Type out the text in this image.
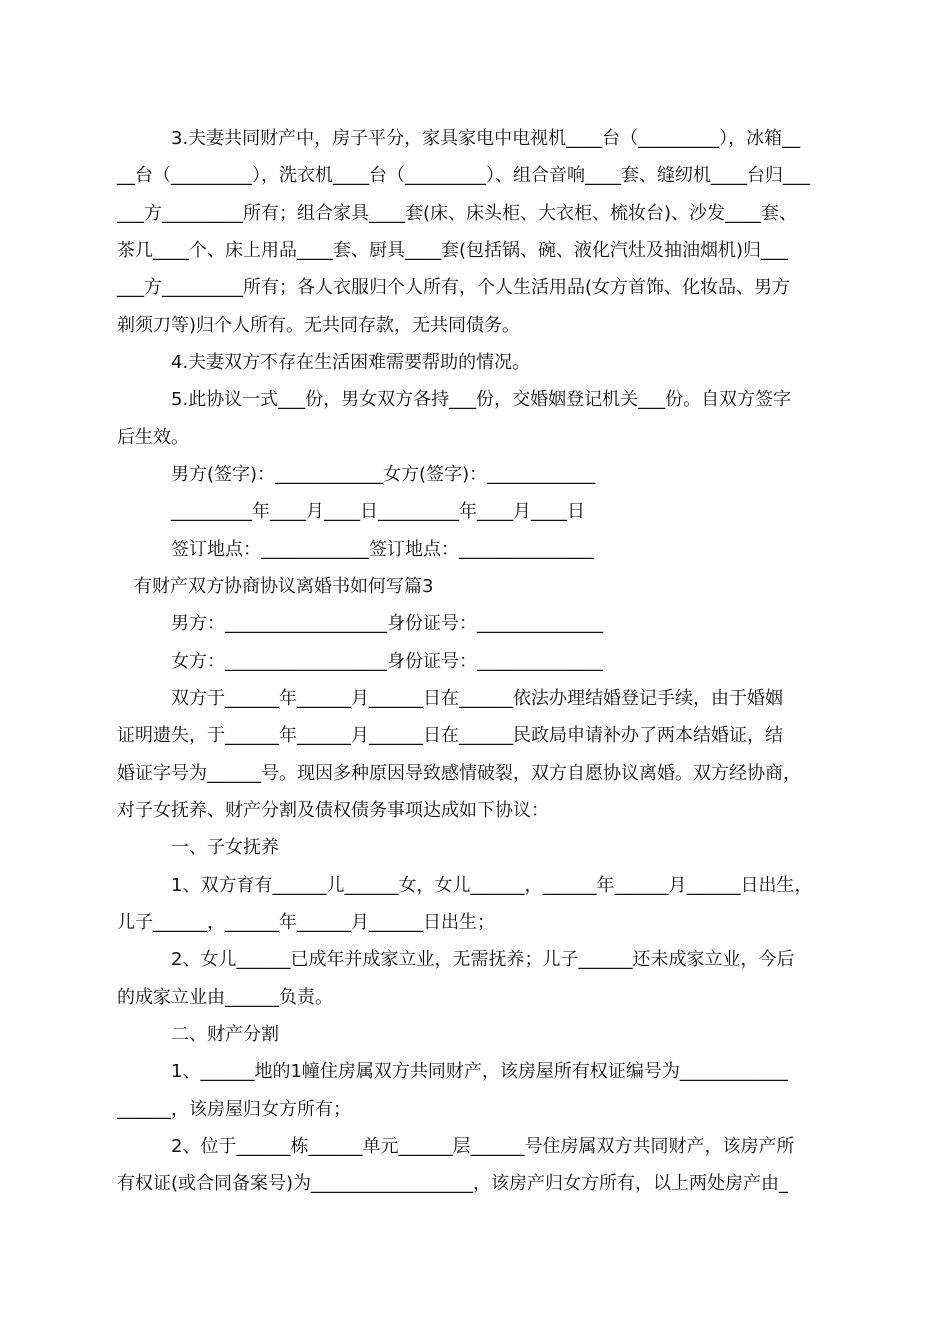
3.夫妻共同财产中，房子平分，家具家电中电视机____台（_________），冰箱__
__台（_________），洗衣机____台（_________）、组合音响____套、缝纫机____台归___
___方_________所有；组合家具____套(床、床头柜、大衣柜、梳妆台)、沙发____套、
茶几____个、床上用品____套、厨具____套(包括锅、碗、液化汽灶及抽油烟机)归___
___方_________所有；各人衣服归个人所有，个人生活用品(女方首饰、化妆品、男方
剃须刀等)归个人所有。无共同存款，无共同债务。
4.夫妻双方不存在生活困难需要帮助的情况。
5.此协议一式___份，男女双方各持___份，交婚姻登记机关___份。自双方签字
后生效。
男方(签字)：____________女方(签字)：____________
_________年____月____日_________年____月____日
签订地点：____________签订地点：_______________
有财产双方协商协议离婚书如何写篇3
男方：__________________身份证号：______________
女方：__________________身份证号：______________
双方于______年______月______日在______依法办理结婚登记手续，由于婚姻
证明遗失，于______年______月______日在______民政局申请补办了两本结婚证，结
婚证字号为______号。现因多种原因导致感情破裂，双方自愿协议离婚。双方经协商，
对子女抚养、财产分割及债权债务事项达成如下协议：
一、子女抚养
1、双方育有______儿______女，女儿______，______年______月______日出生，
儿子______，______年______月______日出生；
2、女儿______已成年并成家立业，无需抚养；儿子______还未成家立业，今后
的成家立业由______负责。
二、财产分割
1、______地的1幢住房属双方共同财产，该房屋所有权证编号为____________
______，该房屋归女方所有；
2、位于______栋______单元______层______号住房属双方共同财产，该房产所
有权证(或合同备案号)为__________________，该房产归女方所有，以上两处房产由_
